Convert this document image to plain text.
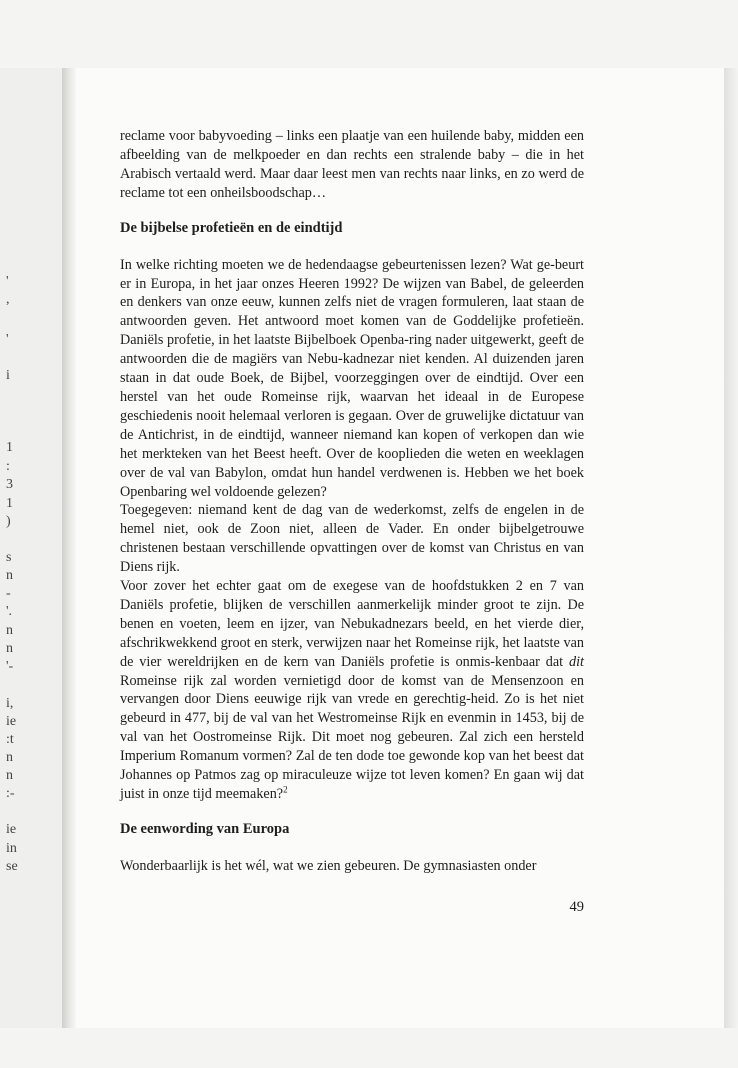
'
,
'
i
1
:
3
1
)
s
n
-
'.
n
n
'-
i,
ie
:t
n
n
:-
ie
in
se

reclame voor babyvoeding – links een plaatje van een huilende baby, midden een afbeelding van de melkpoeder en dan rechts een stralende baby – die in het Arabisch vertaald werd. Maar daar leest men van rechts naar links, en zo werd de reclame tot een onheilsboodschap…

De bijbelse profetieën en de eindtijd

In welke richting moeten we de hedendaagse gebeurtenissen lezen? Wat ge-beurt er in Europa, in het jaar onzes Heeren 1992? De wijzen van Babel, de geleerden en denkers van onze eeuw, kunnen zelfs niet de vragen formuleren, laat staan de antwoorden geven. Het antwoord moet komen van de Goddelijke profetieën. Daniëls profetie, in het laatste Bijbelboek Openba-ring nader uitgewerkt, geeft de antwoorden die de magiërs van Nebu-kadnezar niet kenden. Al duizenden jaren staan in dat oude Boek, de Bijbel, voorzeggingen over de eindtijd. Over een herstel van het oude Romeinse rijk, waarvan het ideaal in de Europese geschiedenis nooit helemaal verloren is gegaan. Over de gruwelijke dictatuur van de Antichrist, in de eindtijd, wanneer niemand kan kopen of verkopen dan wie het merkteken van het Beest heeft. Over de kooplieden die weten en weeklagen over de val van Babylon, omdat hun handel verdwenen is. Hebben we het boek Openbaring wel voldoende gelezen?

Toegegeven: niemand kent de dag van de wederkomst, zelfs de engelen in de hemel niet, ook de Zoon niet, alleen de Vader. En onder bijbelgetrouwe christenen bestaan verschillende opvattingen over de komst van Christus en van Diens rijk.

Voor zover het echter gaat om de exegese van de hoofdstukken 2 en 7 van Daniëls profetie, blijken de verschillen aanmerkelijk minder groot te zijn. De benen en voeten, leem en ijzer, van Nebukadnezars beeld, en het vierde dier, afschrikwekkend groot en sterk, verwijzen naar het Romeinse rijk, het laatste van de vier wereldrijken en de kern van Daniëls profetie is onmis-kenbaar dat dit Romeinse rijk zal worden vernietigd door de komst van de Mensenzoon en vervangen door Diens eeuwige rijk van vrede en gerechtig-heid. Zo is het niet gebeurd in 477, bij de val van het Westromeinse Rijk en evenmin in 1453, bij de val van het Oostromeinse Rijk. Dit moet nog gebeuren. Zal zich een hersteld Imperium Romanum vormen? Zal de ten dode toe gewonde kop van het beest dat Johannes op Patmos zag op miraculeuze wijze tot leven komen? En gaan wij dat juist in onze tijd meemaken?$^2$

De eenwording van Europa

Wonderbaarlijk is het wél, wat we zien gebeuren. De gymnasiasten onder

49
